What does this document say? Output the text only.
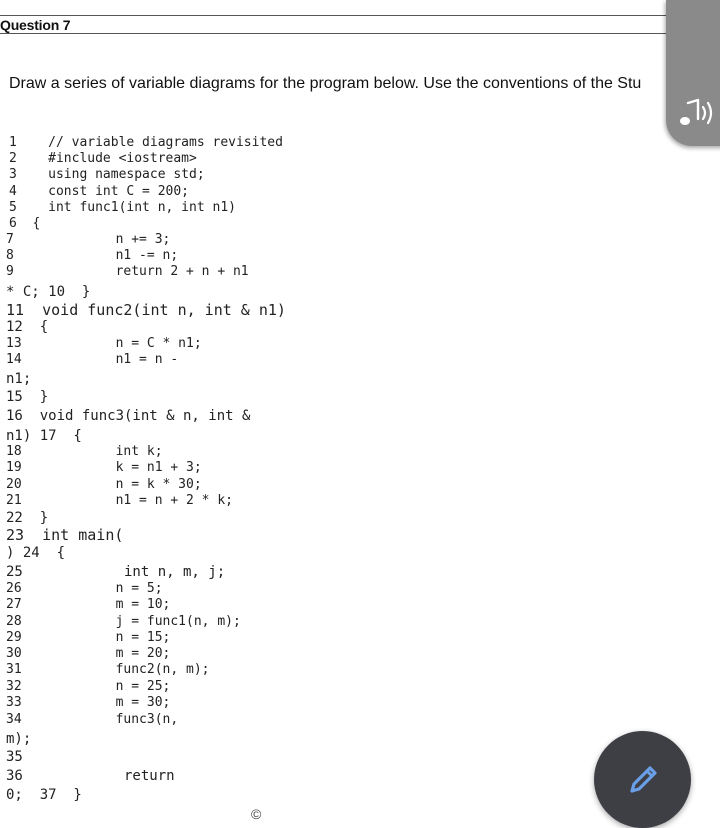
Question 7
Draw a series of variable diagrams for the program below. Use the conventions of the Stu
1    // variable diagrams revisited
2    #include <iostream>
3    using namespace std;
4    const int C = 200;
5    int func1(int n, int n1)
6  {
7             n += 3;
8             n1 -= n;
9             return 2 + n + n1
* C; 10  }
11  void func2(int n, int & n1)
12  {
13            n = C * n1;
14            n1 = n -
n1;
15  }
16  void func3(int & n, int &
n1) 17  {
18            int k;
19            k = n1 + 3;
20            n = k * 30;
21            n1 = n + 2 * k;
22  }
23  int main(
) 24  {
25            int n, m, j;
26            n = 5;
27            m = 10;
28            j = func1(n, m);
29            n = 15;
30            m = 20;
31            func2(n, m);
32            n = 25;
33            m = 30;
34            func3(n,
m);
35
36            return
0;  37  }
©
